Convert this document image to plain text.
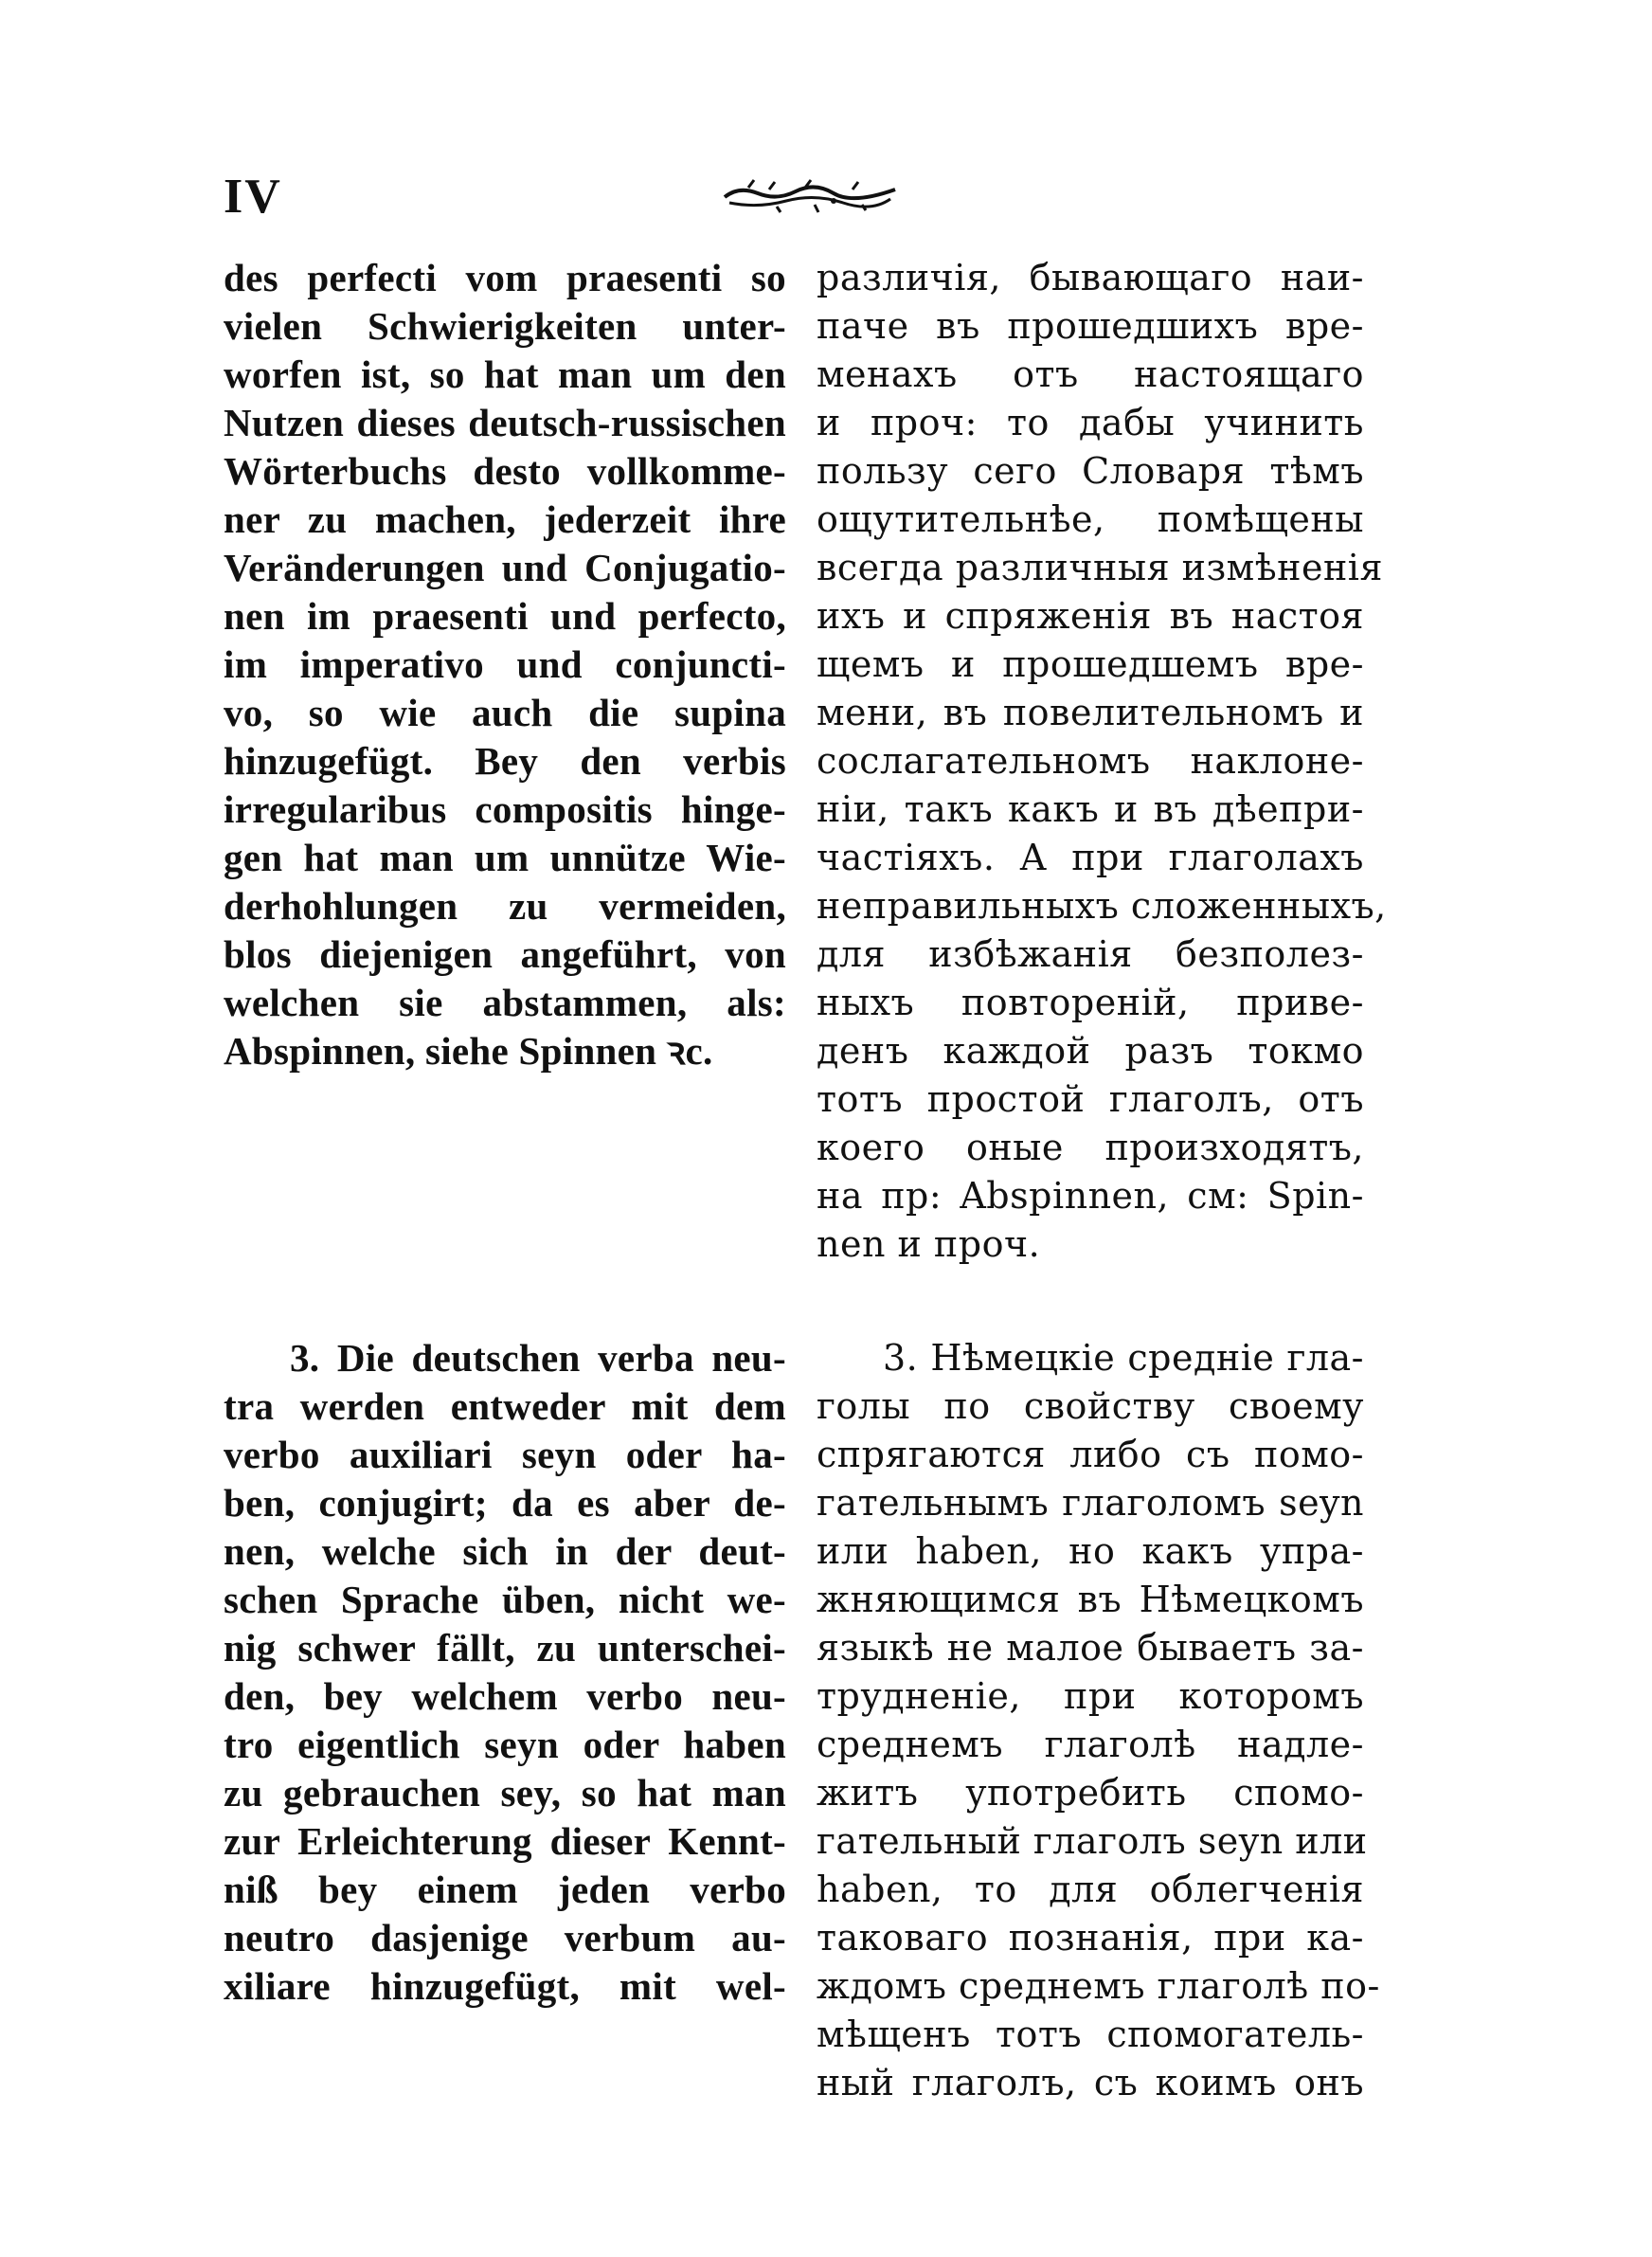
IV
des perfecti vom praesenti so
vielen Schwierigkeiten unter-
worfen ist, so hat man um den
Nutzen dieses deutsch-russischen
Wörterbuchs desto vollkomme-
ner zu machen, jederzeit ihre
Veränderungen und Conjugatio-
nen im praesenti und perfecto,
im imperativo und conjuncti-
vo, so wie auch die supina
hinzugefügt. Bey den verbis
irregularibus compositis hinge-
gen hat man um unnütze Wie-
derhohlungen zu vermeiden,
blos diejenigen angeführt, von
welchen sie abstammen, als:
Abspinnen, siehe Spinnen ꝛc.
различія, бывающаго наи-
паче въ прошедшихъ вре-
менахъ отъ настоящаго
и проч: то дабы учинить
пользу сего Словаря тѣмъ
ощутительнѣе, помѣщены
всегда различныя измѣненія
ихъ и спряженія въ настоя
щемъ и прошедшемъ вре-
мени, въ повелительномъ и
сослагательномъ наклоне-
ніи, такъ какъ и въ дѣепри-
частіяхъ. А при глаголахъ
неправильныхъ сложенныхъ,
для избѣжанія безполез-
ныхъ повтореній, приве-
денъ каждой разъ токмо
тотъ простой глаголъ, отъ
коего оные произходятъ,
на пр: Abspinnen, см: Spin-
nen и проч.
3. Die deutschen verba neu-
tra werden entweder mit dem
verbo auxiliari seyn oder ha-
ben, conjugirt; da es aber de-
nen, welche sich in der deut-
schen Sprache üben, nicht we-
nig schwer fällt, zu unterschei-
den, bey welchem verbo neu-
tro eigentlich seyn oder haben
zu gebrauchen sey, so hat man
zur Erleichterung dieser Kennt-
niß bey einem jeden verbo
neutro dasjenige verbum au-
xiliare hinzugefügt, mit wel-
3. Нѣмецкіе средніе гла-
голы по свойству своему
спрягаются либо съ помо-
гательнымъ глаголомъ seyn
или haben, но какъ упра-
жняющимся въ Нѣмецкомъ
языкѣ не малое бываетъ за-
трудненіе, при которомъ
среднемъ глаголѣ надле-
житъ употребить спомо-
гательный глаголъ seyn или
haben, то для облегченія
таковаго познанія, при ка-
ждомъ среднемъ глаголѣ по-
мѣщенъ тотъ спомогатель-
ный глаголъ, съ коимъ онъ
